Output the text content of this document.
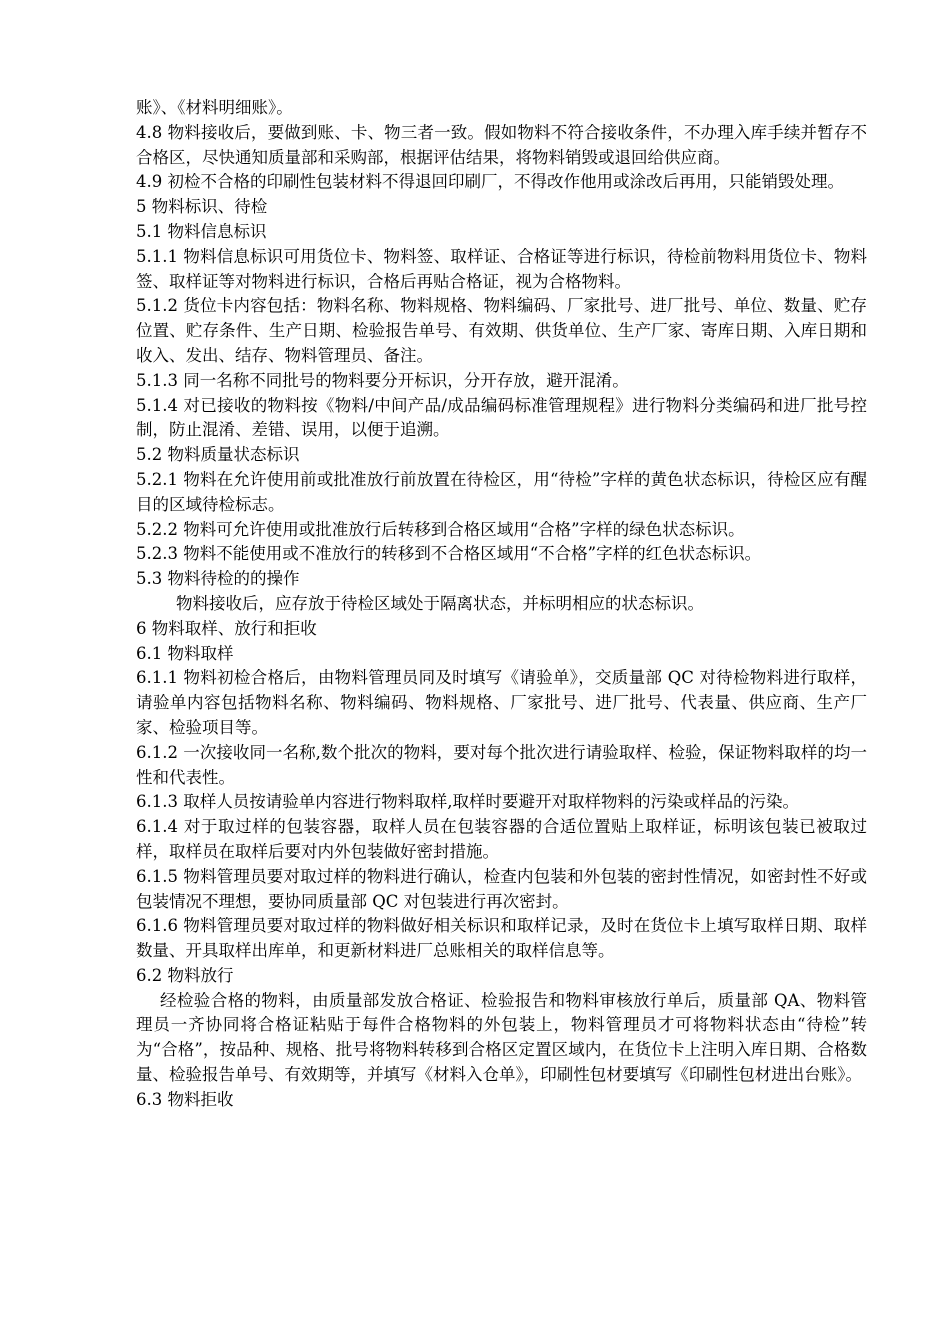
账》、《材料明细账》。

4.8 物料接收后，要做到账、卡、物三者一致。假如物料不符合接收条件，不办理入库手续并暂存不合格区，尽快通知质量部和采购部，根据评估结果，将物料销毁或退回给供应商。

4.9 初检不合格的印刷性包装材料不得退回印刷厂，不得改作他用或涂改后再用，只能销毁处理。

5 物料标识、待检

5.1 物料信息标识

5.1.1 物料信息标识可用货位卡、物料签、取样证、合格证等进行标识，待检前物料用货位卡、物料签、取样证等对物料进行标识，合格后再贴合格证，视为合格物料。

5.1.2 货位卡内容包括：物料名称、物料规格、物料编码、厂家批号、进厂批号、单位、数量、贮存位置、贮存条件、生产日期、检验报告单号、有效期、供货单位、生产厂家、寄库日期、入库日期和收入、发出、结存、物料管理员、备注。

5.1.3 同一名称不同批号的物料要分开标识，分开存放，避开混淆。

5.1.4 对已接收的物料按《物料/中间产品/成品编码标准管理规程》进行物料分类编码和进厂批号控制，防止混淆、差错、误用，以便于追溯。

5.2 物料质量状态标识

5.2.1 物料在允许使用前或批准放行前放置在待检区，用“待检”字样的黄色状态标识，待检区应有醒目的区域待检标志。

5.2.2 物料可允许使用或批准放行后转移到合格区域用“合格”字样的绿色状态标识。

5.2.3 物料不能使用或不准放行的转移到不合格区域用“不合格”字样的红色状态标识。

5.3 物料待检的的操作

物料接收后，应存放于待检区域处于隔离状态，并标明相应的状态标识。

6 物料取样、放行和拒收

6.1 物料取样

6.1.1 物料初检合格后，由物料管理员同及时填写《请验单》，交质量部 QC 对待检物料进行取样，请验单内容包括物料名称、物料编码、物料规格、厂家批号、进厂批号、代表量、供应商、生产厂家、检验项目等。

6.1.2 一次接收同一名称,数个批次的物料，要对每个批次进行请验取样、检验，保证物料取样的均一性和代表性。

6.1.3 取样人员按请验单内容进行物料取样,取样时要避开对取样物料的污染或样品的污染。

6.1.4 对于取过样的包装容器，取样人员在包装容器的合适位置贴上取样证，标明该包装已被取过样，取样员在取样后要对内外包装做好密封措施。

6.1.5 物料管理员要对取过样的物料进行确认，检查内包装和外包装的密封性情况，如密封性不好或包装情况不理想，要协同质量部 QC 对包装进行再次密封。

6.1.6 物料管理员要对取过样的物料做好相关标识和取样记录，及时在货位卡上填写取样日期、取样数量、开具取样出库单，和更新材料进厂总账相关的取样信息等。

6.2 物料放行

经检验合格的物料，由质量部发放合格证、检验报告和物料审核放行单后，质量部 QA、物料管理员一齐协同将合格证粘贴于每件合格物料的外包装上，物料管理员才可将物料状态由“待检”转为“合格”，按品种、规格、批号将物料转移到合格区定置区域内，在货位卡上注明入库日期、合格数量、检验报告单号、有效期等，并填写《材料入仓单》，印刷性包材要填写《印刷性包材进出台账》。

6.3 物料拒收
